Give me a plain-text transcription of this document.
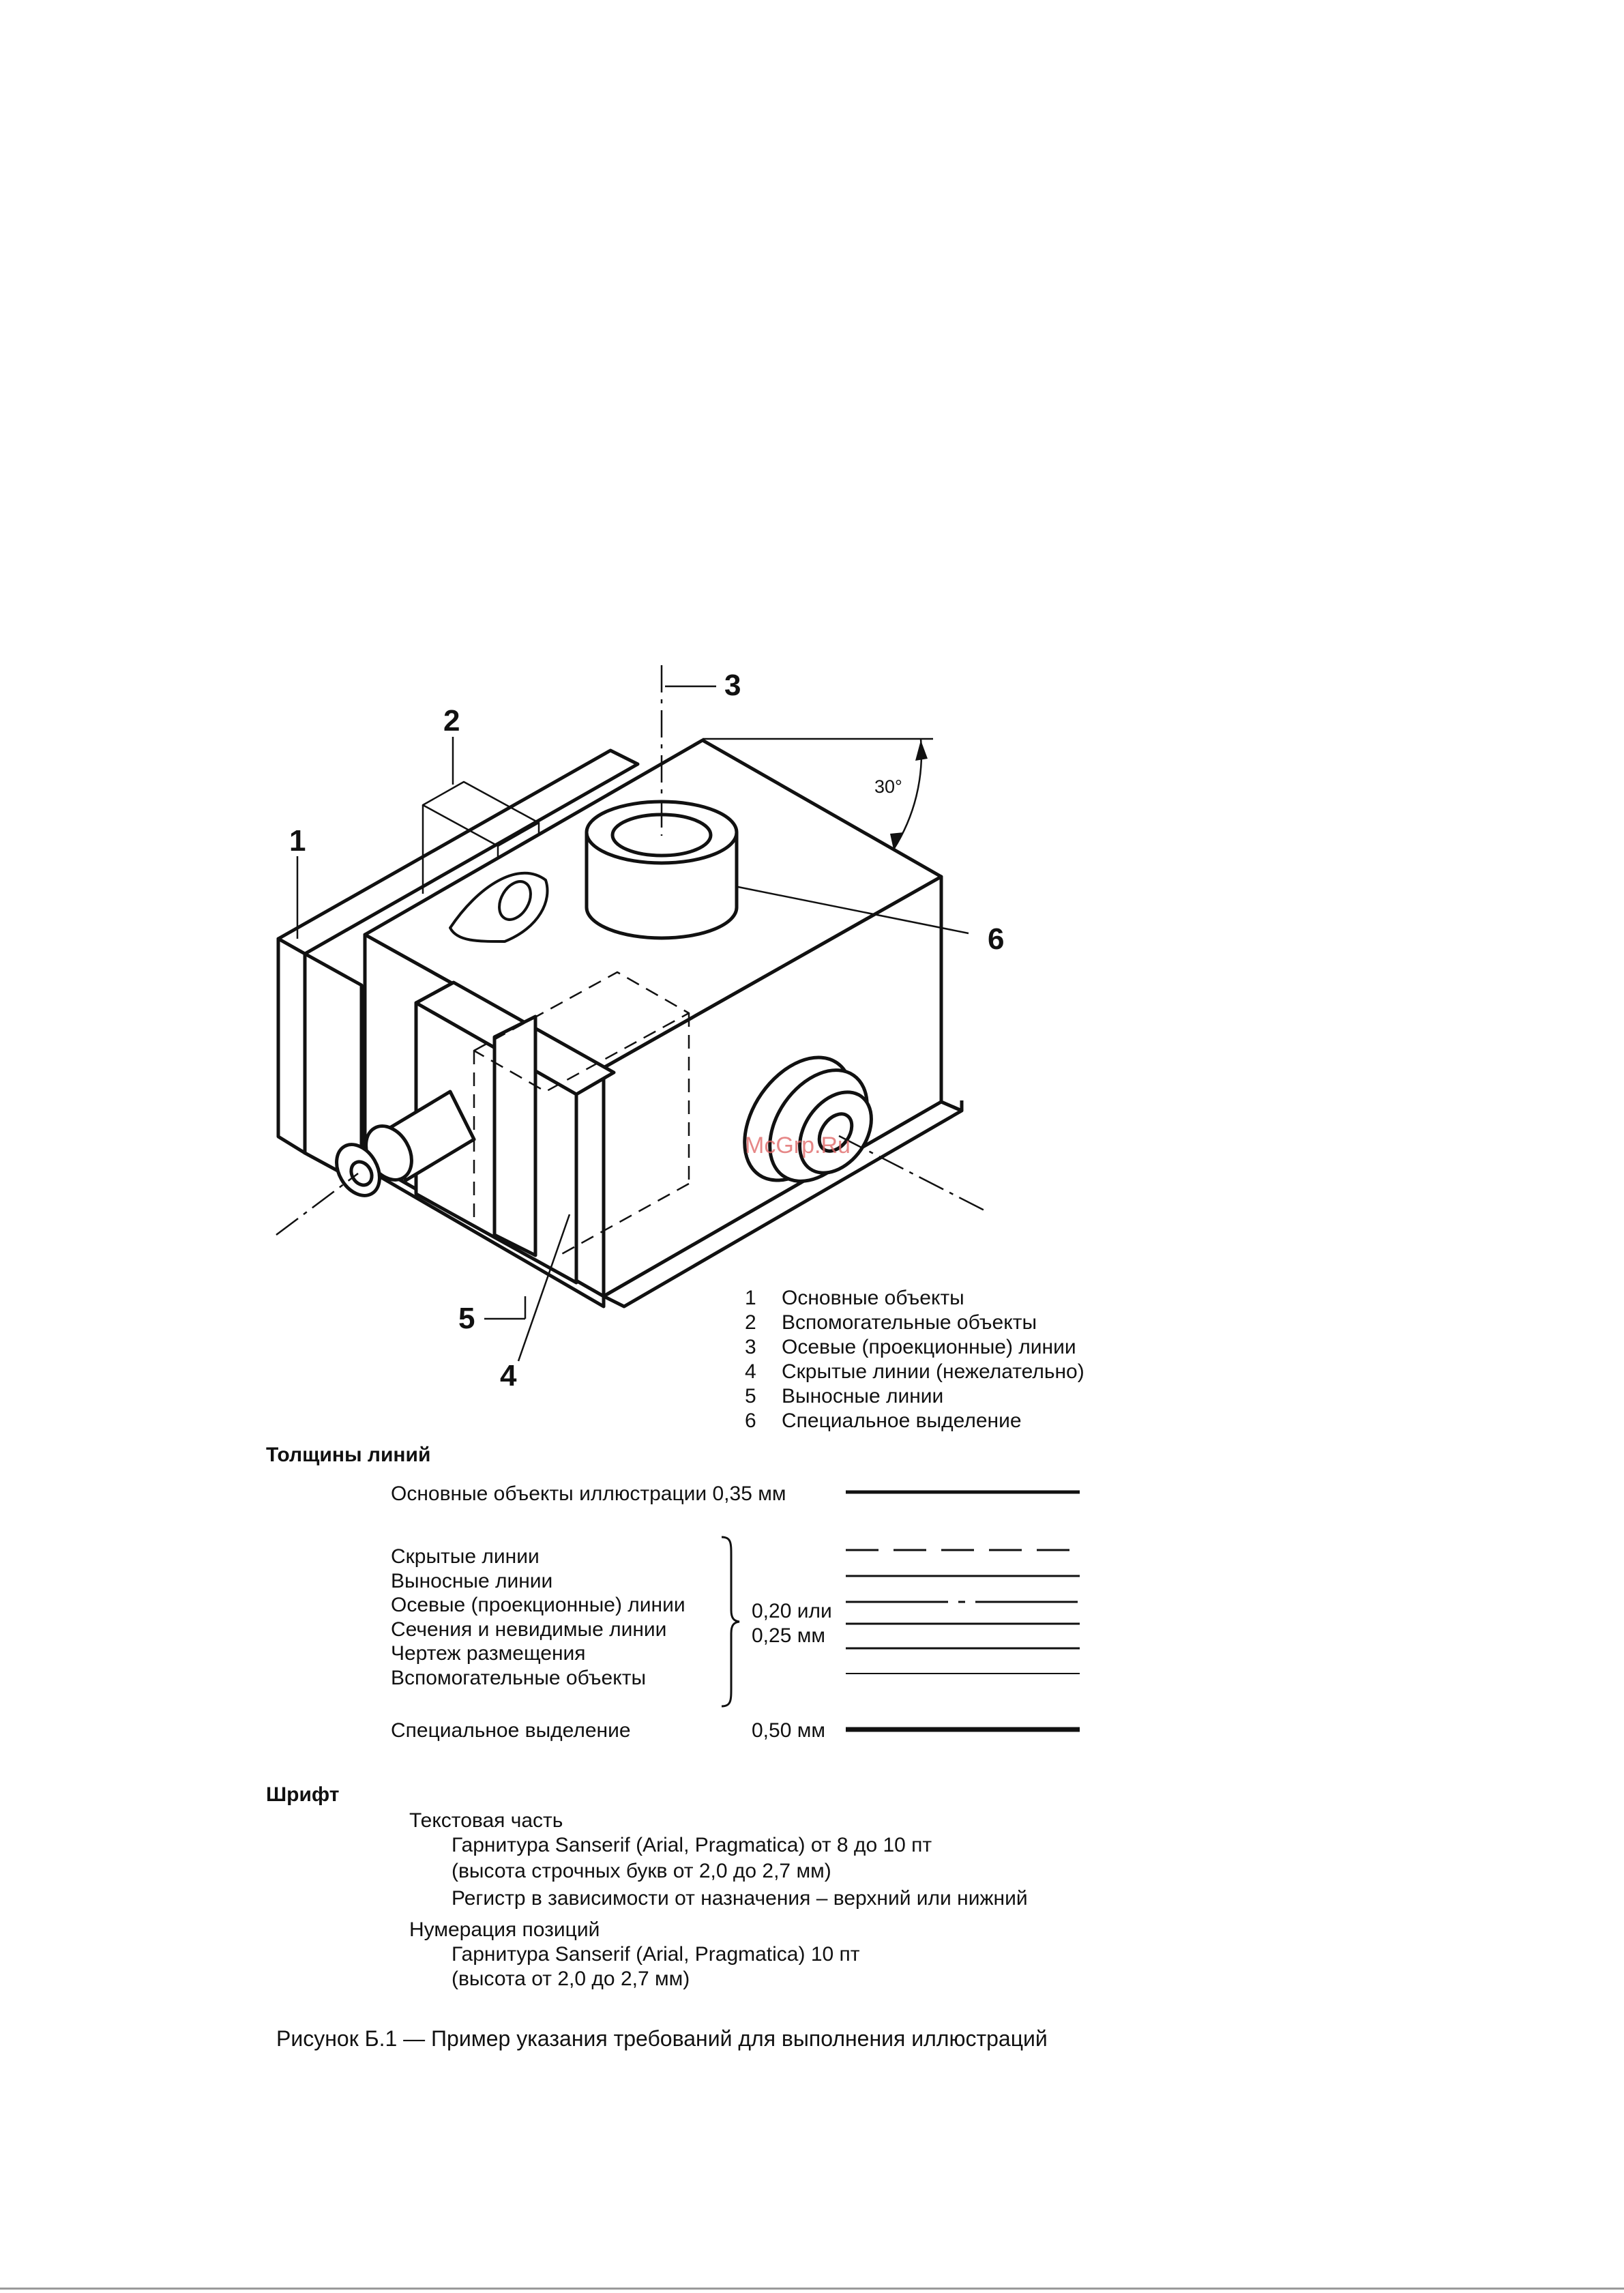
3
2
1
6
5
4
30°
McGrp.Ru
1 Основные объекты
2 Вспомогательные объекты
3 Осевые (проекционные) линии
4 Скрытые линии (нежелательно)
5 Выносные линии
6 Специальное выделение
Толщины линий
Основные объекты иллюстрации 0,35 мм
Скрытые линии
Выносные линии
Осевые (проекционные) линии
Сечения и невидимые линии
Чертеж размещения
Вспомогательные объекты
0,20 или
0,25 мм
Специальное выделение	0,50 мм
Шрифт
Текстовая часть
Гарнитура Sanserif (Arial, Pragmatica) от 8 до 10 пт
(высота строчных букв от 2,0 до 2,7 мм)
Регистр в зависимости от назначения – верхний или нижний
Нумерация позиций
Гарнитура Sanserif (Arial, Pragmatica) 10 пт
(высота от 2,0 до 2,7 мм)
Рисунок Б.1 — Пример указания требований для выполнения иллюстраций
